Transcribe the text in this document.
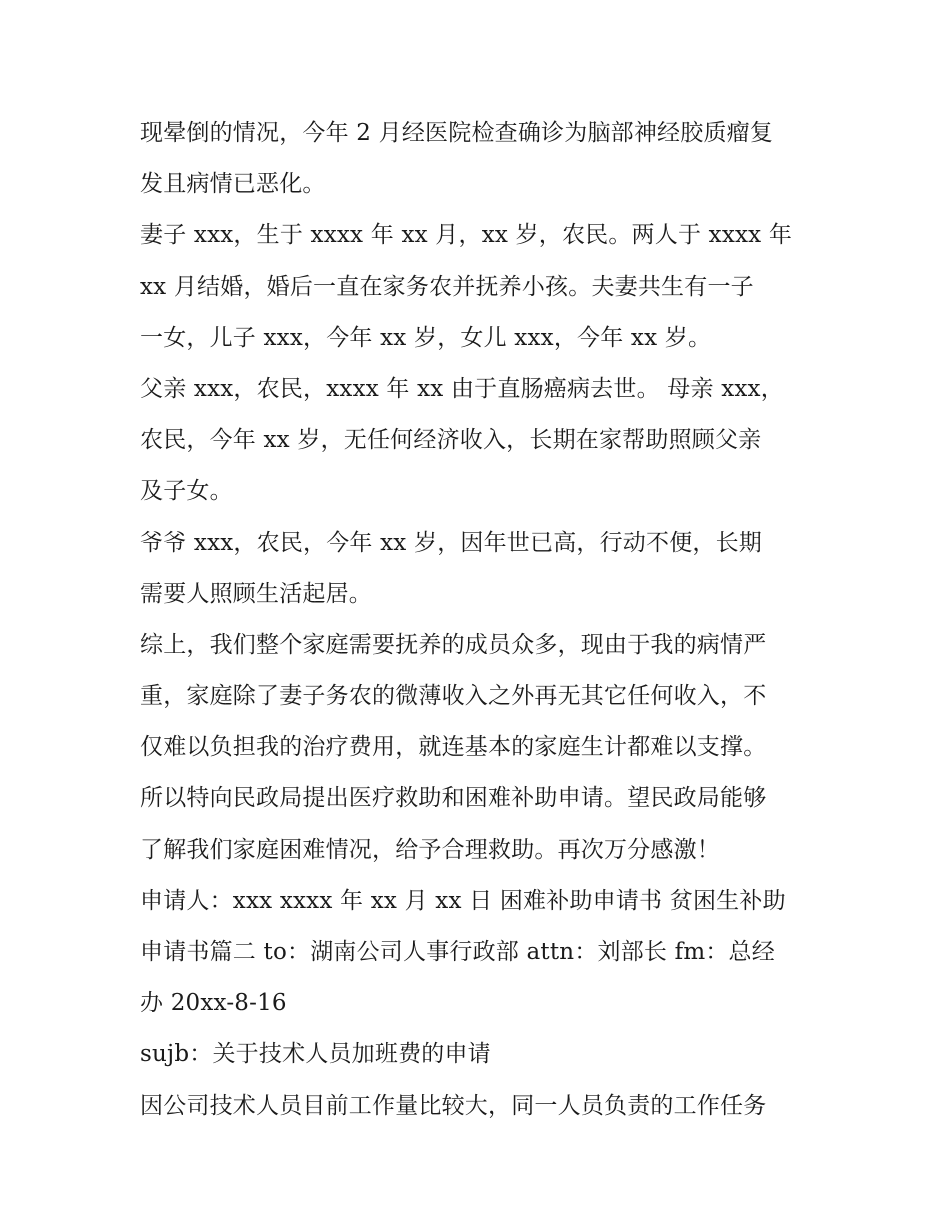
现晕倒的情况，今年 2 月经医院检查确诊为脑部神经胶质瘤复
发且病情已恶化。
妻子 xxx，生于 xxxx 年 xx 月，xx 岁，农民。两人于 xxxx 年
xx 月结婚，婚后一直在家务农并抚养小孩。夫妻共生有一子
一女，儿子 xxx，今年 xx 岁，女儿 xxx，今年 xx 岁。
父亲 xxx，农民，xxxx 年 xx 由于直肠癌病去世。 母亲 xxx，
农民，今年 xx 岁，无任何经济收入，长期在家帮助照顾父亲
及子女。
爷爷 xxx，农民，今年 xx 岁，因年世已高，行动不便，长期
需要人照顾生活起居。
综上，我们整个家庭需要抚养的成员众多，现由于我的病情严
重，家庭除了妻子务农的微薄收入之外再无其它任何收入，不
仅难以负担我的治疗费用，就连基本的家庭生计都难以支撑。
所以特向民政局提出医疗救助和困难补助申请。望民政局能够
了解我们家庭困难情况，给予合理救助。再次万分感激！
申请人：xxx xxxx 年 xx 月 xx 日 困难补助申请书 贫困生补助
申请书篇二 to：湖南公司人事行政部 attn：刘部长 fm：总经
办 20xx-8-16
sujb：关于技术人员加班费的申请
因公司技术人员目前工作量比较大，同一人员负责的工作任务
